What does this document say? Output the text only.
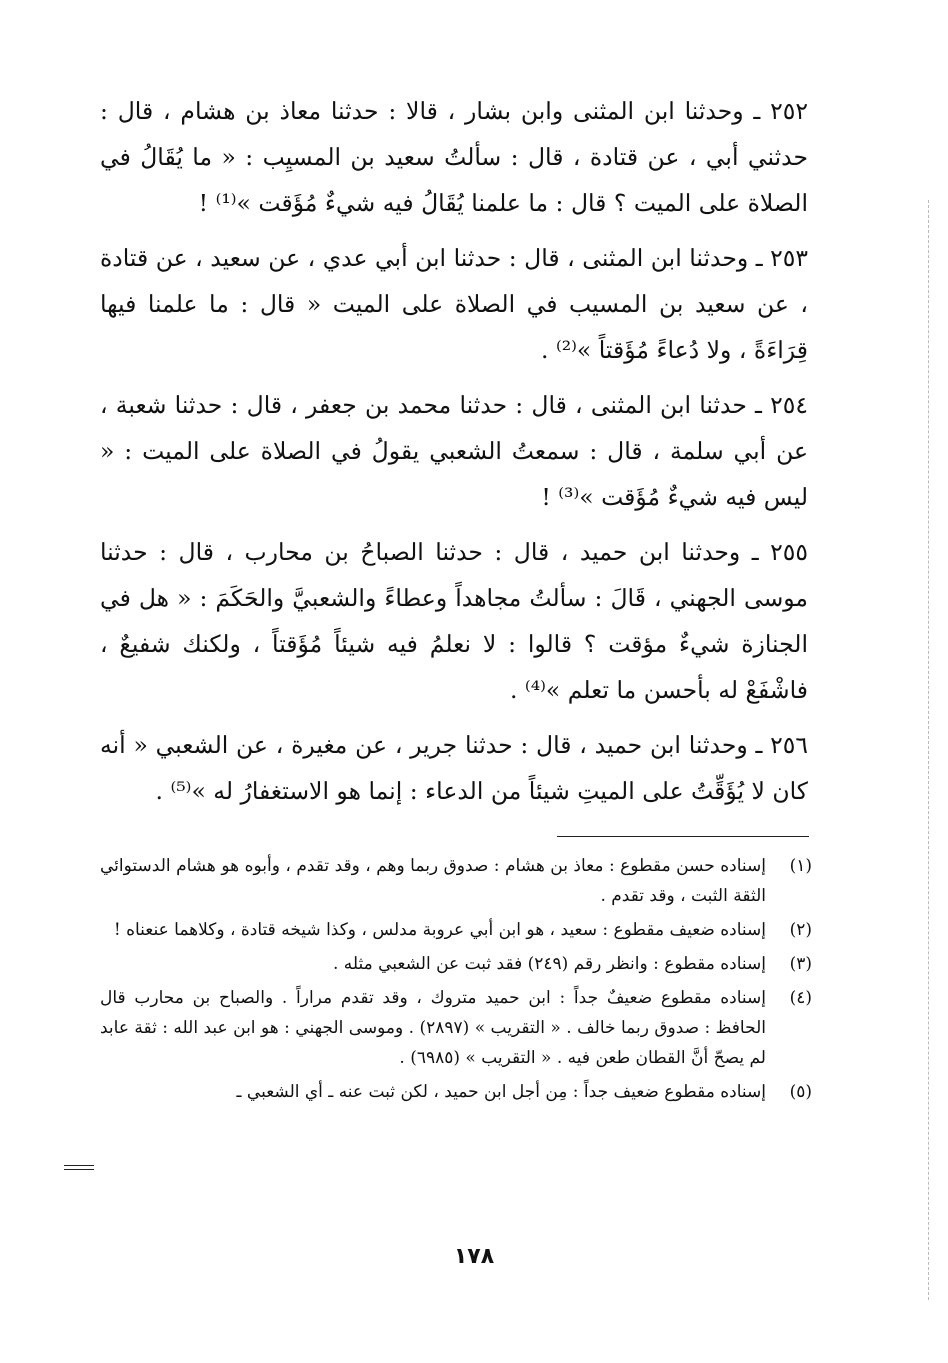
٢٥٢ ـ وحدثنا ابن المثنى وابن بشار ، قالا : حدثنا معاذ بن هشام ، قال : حدثني أبي ، عن قتادة ، قال : سألتُ سعيد بن المسيِب : « ما يُقَالُ في الصلاة على الميت ؟ قال : ما علمنا يُقَالُ فيه شيءٌ مُؤَقت »⁽¹⁾ !

٢٥٣ ـ وحدثنا ابن المثنى ، قال : حدثنا ابن أبي عدي ، عن سعيد ، عن قتادة ، عن سعيد بن المسيب في الصلاة على الميت « قال : ما علمنا فيها قِرَاءَةً ، ولا دُعاءً مُؤَقتاً »⁽²⁾ .

٢٥٤ ـ حدثنا ابن المثنى ، قال : حدثنا محمد بن جعفر ، قال : حدثنا شعبة ، عن أبي سلمة ، قال : سمعتُ الشعبي يقولُ في الصلاة على الميت : « ليس فيه شيءٌ مُؤَقت »⁽³⁾ !

٢٥٥ ـ وحدثنا ابن حميد ، قال : حدثنا الصباحُ بن محارب ، قال : حدثنا موسى الجهني ، قَالَ : سألتُ مجاهداً وعطاءً والشعبيَّ والحَكَمَ : « هل في الجنازة شيءٌ مؤقت ؟ قالوا : لا نعلمُ فيه شيئاً مُؤَقتاً ، ولكنك شفيعٌ ، فاشْفَعْ له بأحسن ما تعلم »⁽⁴⁾ .

٢٥٦ ـ وحدثنا ابن حميد ، قال : حدثنا جرير ، عن مغيرة ، عن الشعبي « أنه كان لا يُؤَقِّتُ على الميتِ شيئاً من الدعاء : إنما هو الاستغفارُ له »⁽⁵⁾ .

(١)
إسناده حسن مقطوع : معاذ بن هشام : صدوق ربما وهم ، وقد تقدم ، وأبوه هو هشام الدستوائي الثقة الثبت ، وقد تقدم .
(٢)
إسناده ضعيف مقطوع : سعيد ، هو ابن أبي عروبة مدلس ، وكذا شيخه قتادة ، وكلاهما عنعناه !
(٣)
إسناده مقطوع : وانظر رقم (٢٤٩) فقد ثبت عن الشعبي مثله .
(٤)
إسناده مقطوع ضعيفٌ جداً : ابن حميد متروك ، وقد تقدم مراراً . والصباح بن محارب قال الحافظ : صدوق ربما خالف . « التقريب » (٢٨٩٧) . وموسى الجهني : هو ابن عبد الله : ثقة عابد لم يصحّ أنَّ القطان طعن فيه . « التقريب » (٦٩٨٥) .
(٥)
إسناده مقطوع ضعيف جداً : مِن أجل ابن حميد ، لكن ثبت عنه ـ أي الشعبي ـ
١٧٨
